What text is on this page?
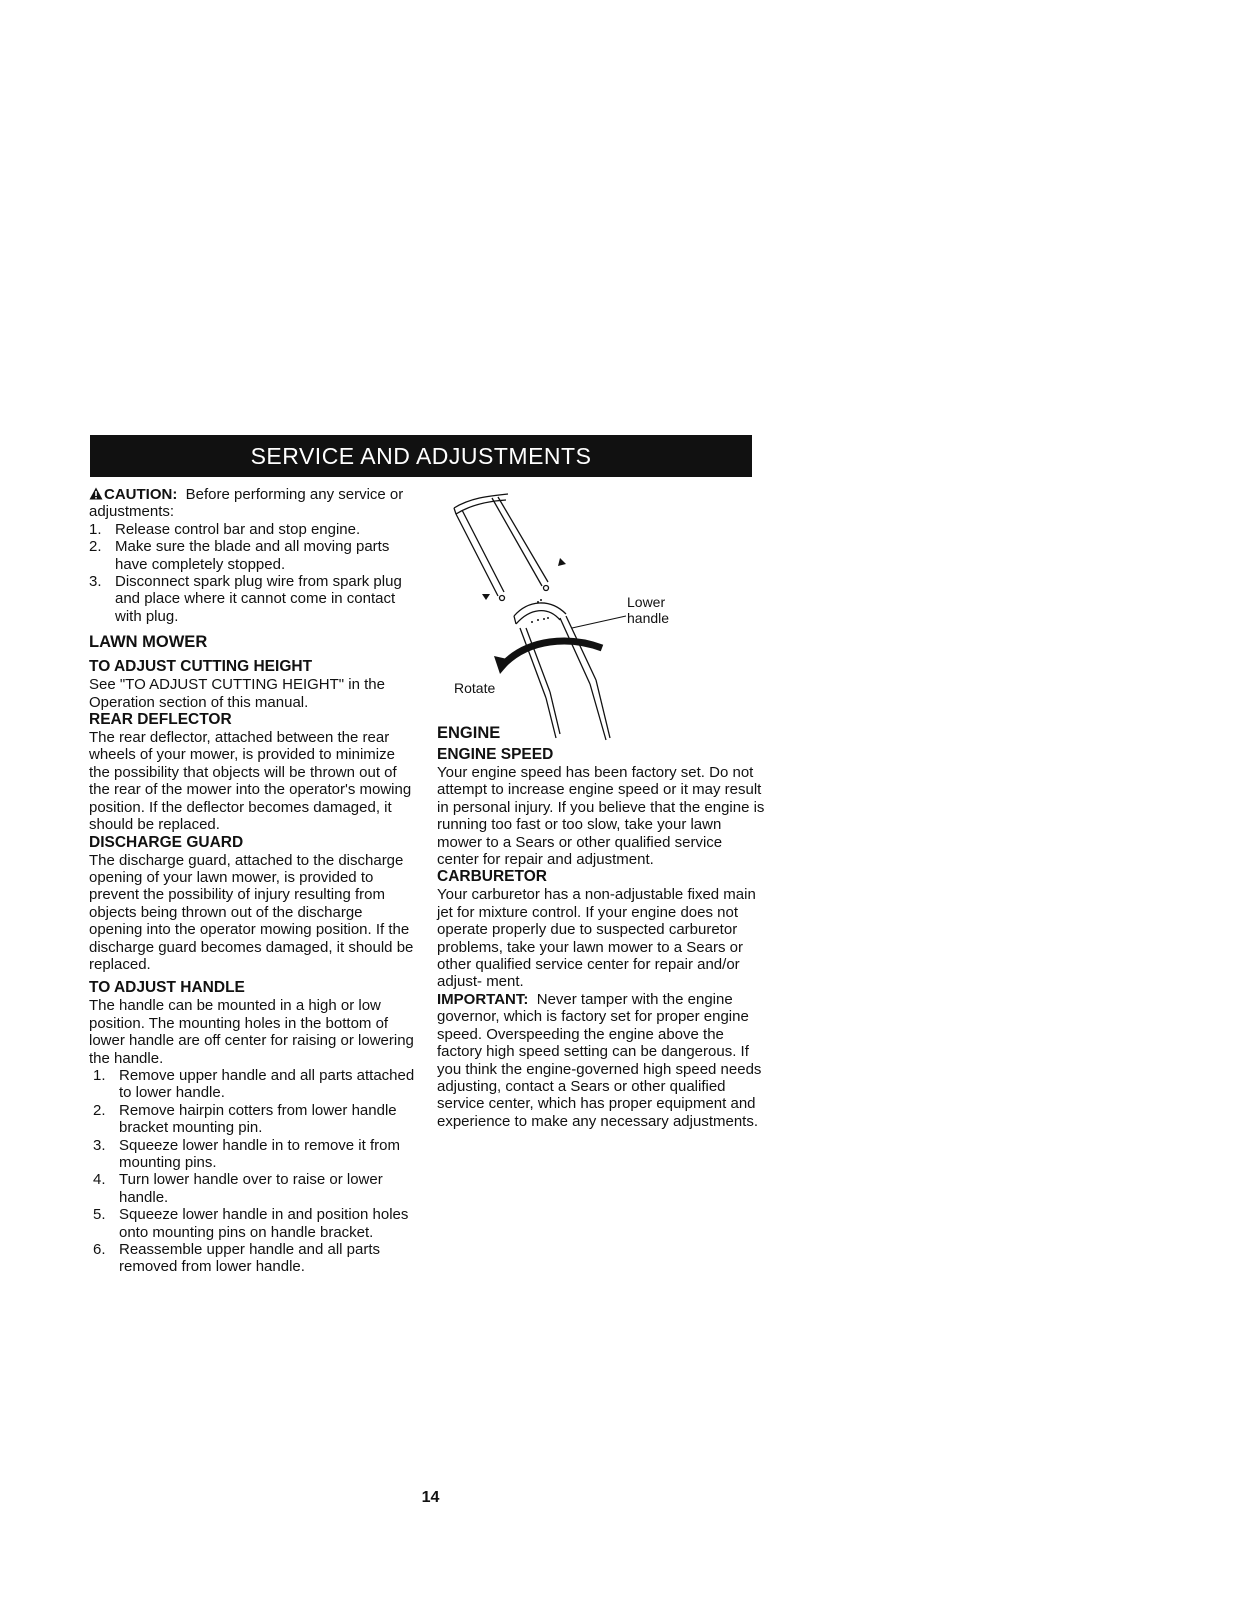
SERVICE AND ADJUSTMENTS

CAUTION: Before performing any service or adjustments:

1. Release control bar and stop engine.
2. Make sure the blade and all moving parts have completely stopped.
3. Disconnect spark plug wire from spark plug and place where it cannot come in contact with plug.

LAWN MOWER

TO ADJUST CUTTING HEIGHT

See "TO ADJUST CUTTING HEIGHT" in the Operation section of this manual.

REAR DEFLECTOR

The rear deflector, attached between the rear wheels of your mower, is provided to minimize the possibility that objects will be thrown out of the rear of the mower into the operator's mowing position. If the deflector becomes damaged, it should be replaced.

DISCHARGE GUARD

The discharge guard, attached to the discharge opening of your lawn mower, is provided to prevent the possibility of injury resulting from objects being thrown out of the discharge opening into the operator mowing position. If the discharge guard becomes damaged, it should be replaced.

TO ADJUST HANDLE

The handle can be mounted in a high or low position. The mounting holes in the bottom of lower handle are off center for raising or lowering the handle.

1. Remove upper handle and all parts attached to lower handle.
2. Remove hairpin cotters from lower handle bracket mounting pin.
3. Squeeze lower handle in to remove it from mounting pins.
4. Turn lower handle over to raise or lower handle.
5. Squeeze lower handle in and position holes onto mounting pins on handle bracket.
6. Reassemble upper handle and all parts removed from lower handle.
Lower
handle
Rotate

ENGINE

ENGINE SPEED

Your engine speed has been factory set. Do not attempt to increase engine speed or it may result in personal injury. If you believe that the engine is running too fast or too slow, take your lawn mower to a Sears or other qualified service center for repair and adjustment.

CARBURETOR

Your carburetor has a non-adjustable fixed main jet for mixture control. If your engine does not operate properly due to suspected carburetor problems, take your lawn mower to a Sears or other qualified service center for repair and/or adjust- ment.

IMPORTANT: Never tamper with the engine governor, which is factory set for proper engine speed. Overspeeding the engine above the factory high speed setting can be dangerous. If you think the engine-governed high speed needs adjusting, contact a Sears or other qualified service center, which has proper equipment and experience to make any necessary adjustments.

14
